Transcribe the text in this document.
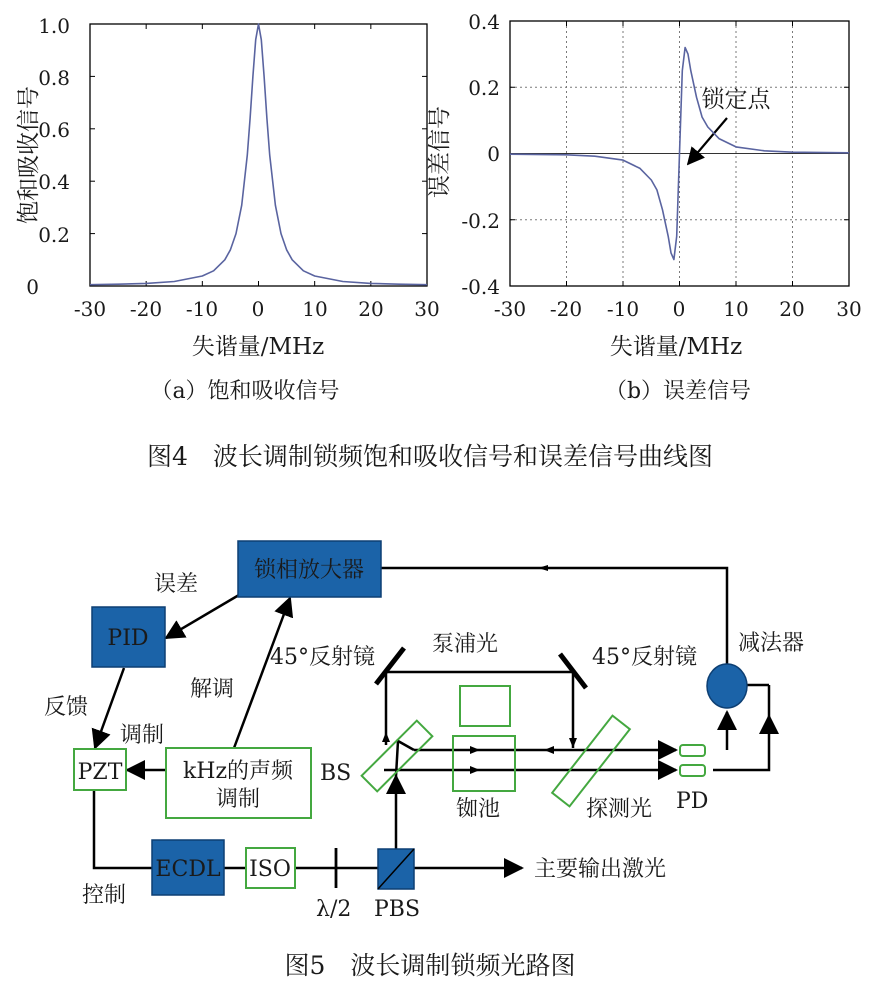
0
0.2
0.4
0.6
0.8
1.0
-30 -20 -10 0 10 20 30
失谐量/MHz
饱和吸收信号
（a）饱和吸收信号
0.4
0.2
0
-0.2
-0.4
-30 -20 -10 0 10 20 30
失谐量/MHz
误差信号
锁定点
（b）误差信号
图4　波长调制锁频饱和吸收信号和误差信号曲线图
锁相放大器
PID
ECDL
PZT	kHz的声频
调制
ISO
误差
反馈
调制
解调
控制
45°反射镜
泵浦光
45°反射镜
减法器
BS
铷池	探测光 PD
λ/2 PBS
主要输出激光
图5　波长调制锁频光路图
